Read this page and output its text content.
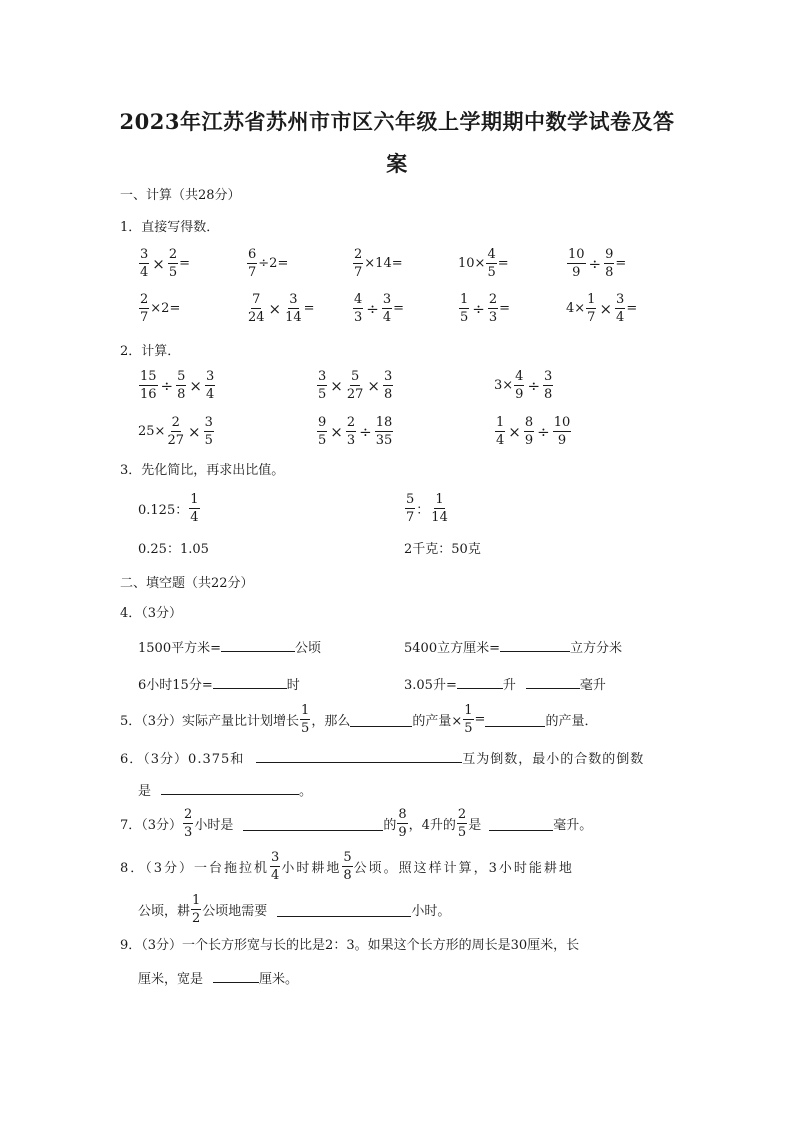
2023年江苏省苏州市市区六年级上学期期中数学试卷及答
案
一、计算（共28分）
1．直接写得数．
$\frac{3}{4} \times \frac{2}{5}$ =	$\frac{6}{7} \div 2=$	$\frac{2}{7} \times 14=$	$10\times \frac{4}{5}$ =	$\frac{10}{9} \div \frac{9}{8}$ =
$\frac{2}{7} \times 2=$	$\frac{7}{24} \times \frac{3}{14}$ =	$\frac{4}{3} \div \frac{3}{4}$ =	$\frac{1}{5} \div \frac{2}{3}$ =	$4\times \frac{1}{7} \times \frac{3}{4}$ =
2．计算．
$\frac{15}{16} \div \frac{5}{8} \times \frac{3}{4}$	$\frac{3}{5} \times \frac{5}{27} \times \frac{3}{8}$	$3\times \frac{4}{9} \div \frac{3}{8}$
$25\times \frac{2}{27} \times \frac{3}{5}$	$\frac{9}{5} \times \frac{2}{3} \div \frac{18}{35}$	$\frac{1}{4} \times \frac{8}{9} \div \frac{10}{9}$
3．先化简比，再求出比值。
0.125： $\frac{1}{4}$	$\frac{5}{7}$ ： $\frac{1}{14}$
0.25：1.05	2千克：50克
二、填空题（共22分）
4．（3分）
1500平方米=	公顷	5400立方厘米=	立方分米
6小时15分=	时	3.05升=	升	毫升
5．（3分）实际产量比计划增长 $\frac{1}{5}$ ，那么	的产量× $\frac{1}{5}$ =	的产量．
6．（3分）0.375和	互为倒数，最小的合数的倒数
是	。
7．（3分） $\frac{2}{3}$ 小时是	的 $\frac{8}{9}$ ，4升的 $\frac{2}{5}$ 是	毫升。
8．（3分）一台拖拉机 $\frac{3}{4}$ 小时耕地 $\frac{5}{8}$ 公顷。照这样计算，3小时能耕地
公顷，耕 $\frac{1}{2}$ 公顷地需要	小时。
9．（3分）一个长方形宽与长的比是2：3。如果这个长方形的周长是30厘米，长
厘米，宽是	厘米。
